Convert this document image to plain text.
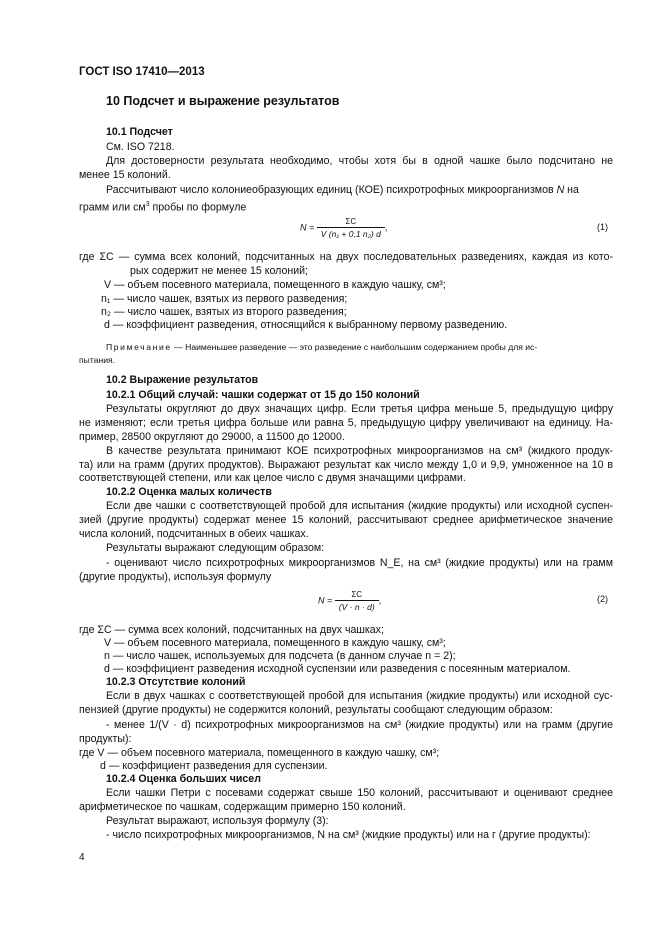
ГОСТ ISO 17410—2013
10 Подсчет и выражение результатов
10.1 Подсчет
См. ISO 7218.
Для достоверности результата необходимо, чтобы хотя бы в одной чашке было подсчитано не
менее 15 колоний.
Рассчитывают число колониеобразующих единиц (КОЕ) психротрофных микроорганизмов N на
грамм или $см^3$ пробы по формуле
$N = \frac{\Sigma C}{\text{V (n₁ + 0,1 n₂) d}}$ ,	(1)
где ΣC — сумма всех колоний, подсчитанных на двух последовательных разведениях, каждая из кото-
рых содержит не менее 15 колоний;
V — объем посевного материала, помещенного в каждую чашку, см³;
n₁ — число чашек, взятых из первого разведения;
n₂ — число чашек, взятых из второго разведения;
d — коэффициент разведения, относящийся к выбранному первому разведению.
Примечание — Наименьшее разведение — это разведение с наибольшим содержанием пробы для ис-
пытания.
10.2 Выражение результатов
10.2.1 Общий случай: чашки содержат от 15 до 150 колоний
Результаты округляют до двух значащих цифр. Если третья цифра меньше 5, предыдущую цифру
не изменяют; если третья цифра больше или равна 5, предыдущую цифру увеличивают на единицу. На-
пример, 28500 округляют до 29000, а 11500 до 12000.
В качестве результата принимают КОЕ психротрофных микроорганизмов на см³ (жидкого продук-
та) или на грамм (других продуктов). Выражают результат как число между 1,0 и 9,9, умноженное на 10 в
соответствующей степени, или как целое число с двумя значащими цифрами.
10.2.2 Оценка малых количеств
Если две чашки с соответствующей пробой для испытания (жидкие продукты) или исходной суспен-
зией (другие продукты) содержат менее 15 колоний, рассчитывают среднее арифметическое значение
числа колоний, подсчитанных в обеих чашках.
Результаты выражают следующим образом:
- оценивают число психротрофных микроорганизмов N_E, на см³ (жидкие продукты) или на грамм
(другие продукты), используя формулу
$N = \frac{\Sigma C}{(V \cdot n \cdot d)}$ ,	(2)
где ΣC — сумма всех колоний, подсчитанных на двух чашках;
V — объем посевного материала, помещенного в каждую чашку, см³;
n — число чашек, используемых для подсчета (в данном случае n = 2);
d — коэффициент разведения исходной суспензии или разведения с посеянным материалом.
10.2.3 Отсутствие колоний
Если в двух чашках с соответствующей пробой для испытания (жидкие продукты) или исходной сус-
пензией (другие продукты) не содержится колоний, результаты сообщают следующим образом:
- менее 1/(V · d) психротрофных микроорганизмов на см³ (жидкие продукты) или на грамм (другие
продукты):
где V — объем посевного материала, помещенного в каждую чашку, см³;
d — коэффициент разведения для суспензии.
10.2.4 Оценка больших чисел
Если чашки Петри с посевами содержат свыше 150 колоний, рассчитывают и оценивают среднее
арифметическое по чашкам, содержащим примерно 150 колоний.
Результат выражают, используя формулу (3):
- число психротрофных микроорганизмов, N на см³ (жидкие продукты) или на г (другие продукты):
4
